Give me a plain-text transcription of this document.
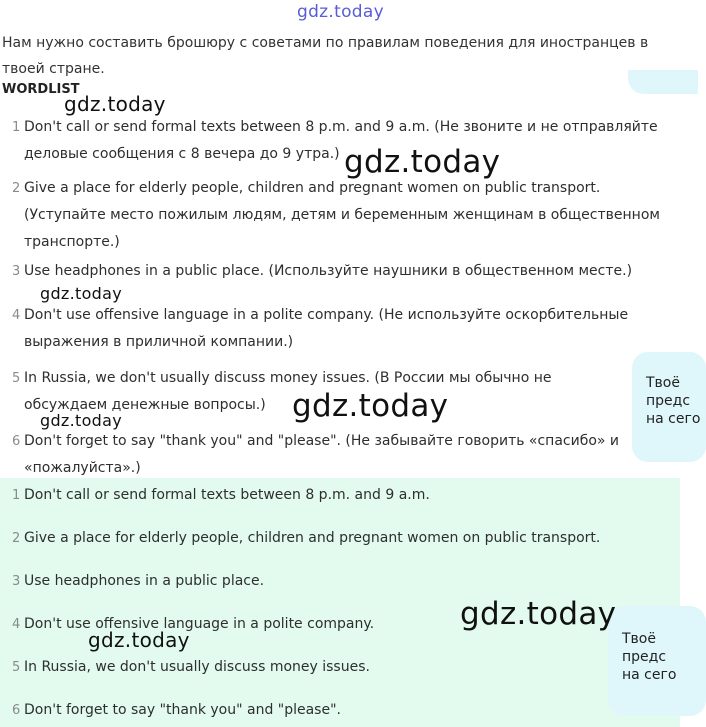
gdz.today
Нам нужно составить брошюру с советами по правилам поведения для иностранцев в твоей стране.
WORDLIST
1 Don't call or send formal texts between 8 p.m. and 9 a.m. (Не звоните и не отправляйте деловые сообщения с 8 вечера до 9 утра.)
2 Give a place for elderly people, children and pregnant women on public transport. (Уступайте место пожилым людям, детям и беременным женщинам в общественном транспорте.)
3 Use headphones in a public place. (Используйте наушники в общественном месте.)
4 Don't use offensive language in a polite company. (Не используйте оскорбительные выражения в приличной компании.)
5 In Russia, we don't usually discuss money issues. (В России мы обычно не обсуждаем денежные вопросы.)
6 Don't forget to say "thank you" and "please". (Не забывайте говорить «спасибо» и «пожалуйста».)
1 Don't call or send formal texts between 8 p.m. and 9 a.m.
2 Give a place for elderly people, children and pregnant women on public transport.
3 Use headphones in a public place.
4 Don't use offensive language in a polite company.
5 In Russia, we don't usually discuss money issues.
6 Don't forget to say "thank you" and "please".
Твоё
предс
на сего
Твоё
предс
на сего
gdz.today
gdz.today
gdz.today
gdz.today
gdz.today
gdz.today
gdz.today
